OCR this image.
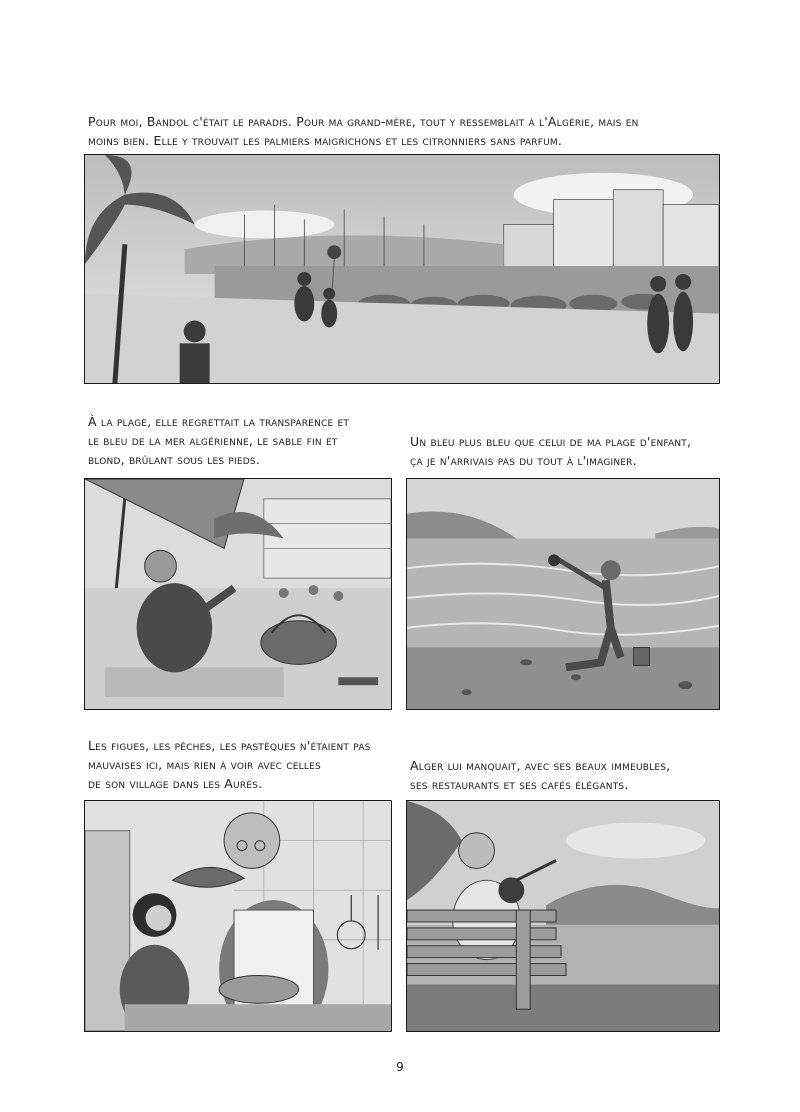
Pour moi, Bandol c'était le paradis. Pour ma grand-mère, tout y ressemblait à l'Algérie, mais en
moins bien. Elle y trouvait les palmiers maigrichons et les citronniers sans parfum.
À la plage, elle regrettait la transparence et
le bleu de la mer algérienne, le sable fin et
blond, brûlant sous les pieds.
Un bleu plus bleu que celui de ma plage d'enfant,
ça je n'arrivais pas du tout à l'imaginer.
Les figues, les pêches, les pastèques n'étaient pas
mauvaises ici, mais rien à voir avec celles
de son village dans les Aurès.
Alger lui manquait, avec ses beaux immeubles,
ses restaurants et ses cafés élégants.
9
